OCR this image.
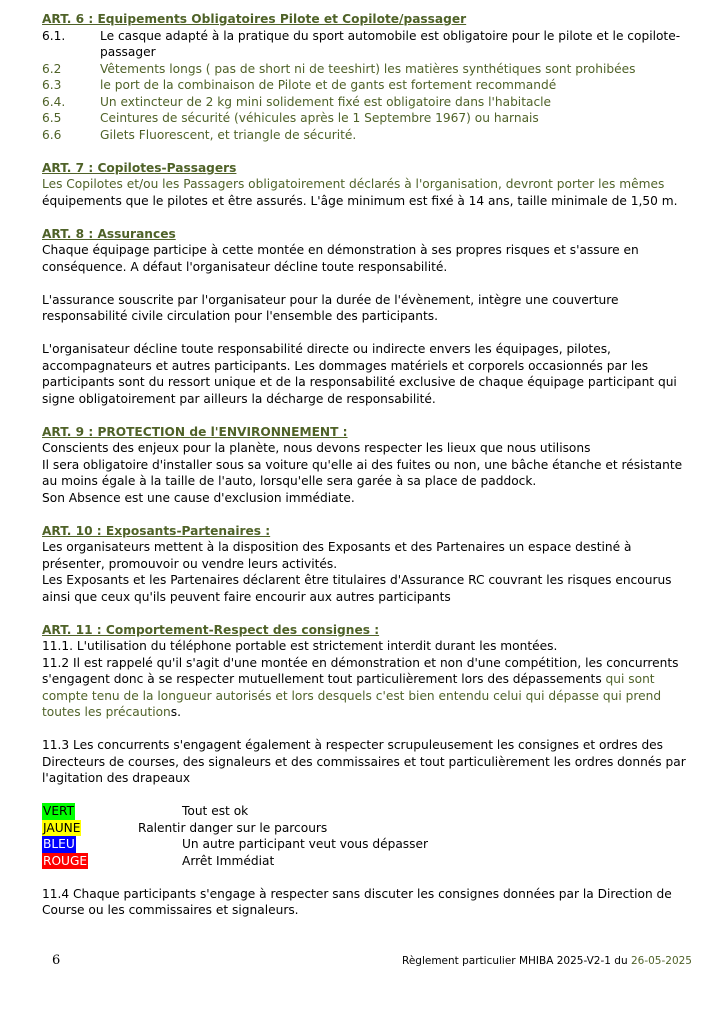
ART. 6 : Equipements Obligatoires Pilote et Copilote/passager
6.1.	Le casque adapté à la pratique du sport automobile est obligatoire pour le pilote et le copilote-passager
6.2	Vêtements longs ( pas de short ni de teeshirt) les matières synthétiques sont prohibées
6.3	le port de la combinaison de Pilote et de gants est fortement recommandé
6.4.	Un extincteur de 2 kg mini solidement fixé est obligatoire dans l'habitacle
6.5	Ceintures de sécurité (véhicules après le 1 Septembre 1967) ou harnais
6.6	Gilets Fluorescent, et triangle de sécurité.
ART. 7 : Copilotes-Passagers

Les Copilotes et/ou les Passagers obligatoirement déclarés à l'organisation, devront porter les mêmes équipements que le pilotes et être assurés. L'âge minimum est fixé à 14 ans, taille minimale de 1,50 m.

ART. 8 : Assurances

Chaque équipage participe à cette montée en démonstration à ses propres risques et s'assure en conséquence. A défaut l'organisateur décline toute responsabilité.

L'assurance souscrite par l'organisateur pour la durée de l'évènement, intègre une couverture responsabilité civile circulation pour l'ensemble des participants.

L'organisateur décline toute responsabilité directe ou indirecte envers les équipages, pilotes, accompagnateurs et autres participants. Les dommages matériels et corporels occasionnés par les participants sont du ressort unique et de la responsabilité exclusive de chaque équipage participant qui signe obligatoirement par ailleurs la décharge de responsabilité.

ART. 9 : PROTECTION de l'ENVIRONNEMENT :

Conscients des enjeux pour la planète, nous devons respecter les lieux que nous utilisons

Il sera obligatoire d'installer sous sa voiture qu'elle ai des fuites ou non, une bâche étanche et résistante au moins égale à la taille de l'auto, lorsqu'elle sera garée à sa place de paddock.

Son Absence est une cause d'exclusion immédiate.

ART. 10 : Exposants-Partenaires :

Les organisateurs mettent à la disposition des Exposants et des Partenaires un espace destiné à présenter, promouvoir ou vendre leurs activités.

Les Exposants et les Partenaires déclarent être titulaires d'Assurance RC couvrant les risques encourus ainsi que ceux qu'ils peuvent faire encourir aux autres participants

ART. 11 : Comportement-Respect des consignes :

11.1. L'utilisation du téléphone portable est strictement interdit durant les montées.

11.2 Il est rappelé qu'il s'agit d'une montée en démonstration et non d'une compétition, les concurrents s'engagent donc à se respecter mutuellement tout particulièrement lors des dépassements qui sont compte tenu de la longueur autorisés et lors desquels c'est bien entendu celui qui dépasse qui prend toutes les précautions.

11.3 Les concurrents s'engagent également à respecter scrupuleusement les consignes et ordres des Directeurs de courses, des signaleurs et des commissaires et tout particulièrement les ordres donnés par l'agitation des drapeaux

VERT	Tout est ok
JAUNE	Ralentir danger sur le parcours
BLEU	Un autre participant veut vous dépasser
ROUGE	Arrêt Immédiat

11.4 Chaque participants s'engage à respecter sans discuter les consignes données par la Direction de Course ou les commissaires et signaleurs.

6	Règlement particulier MHIBA 2025-V2-1 du 26-05-2025
